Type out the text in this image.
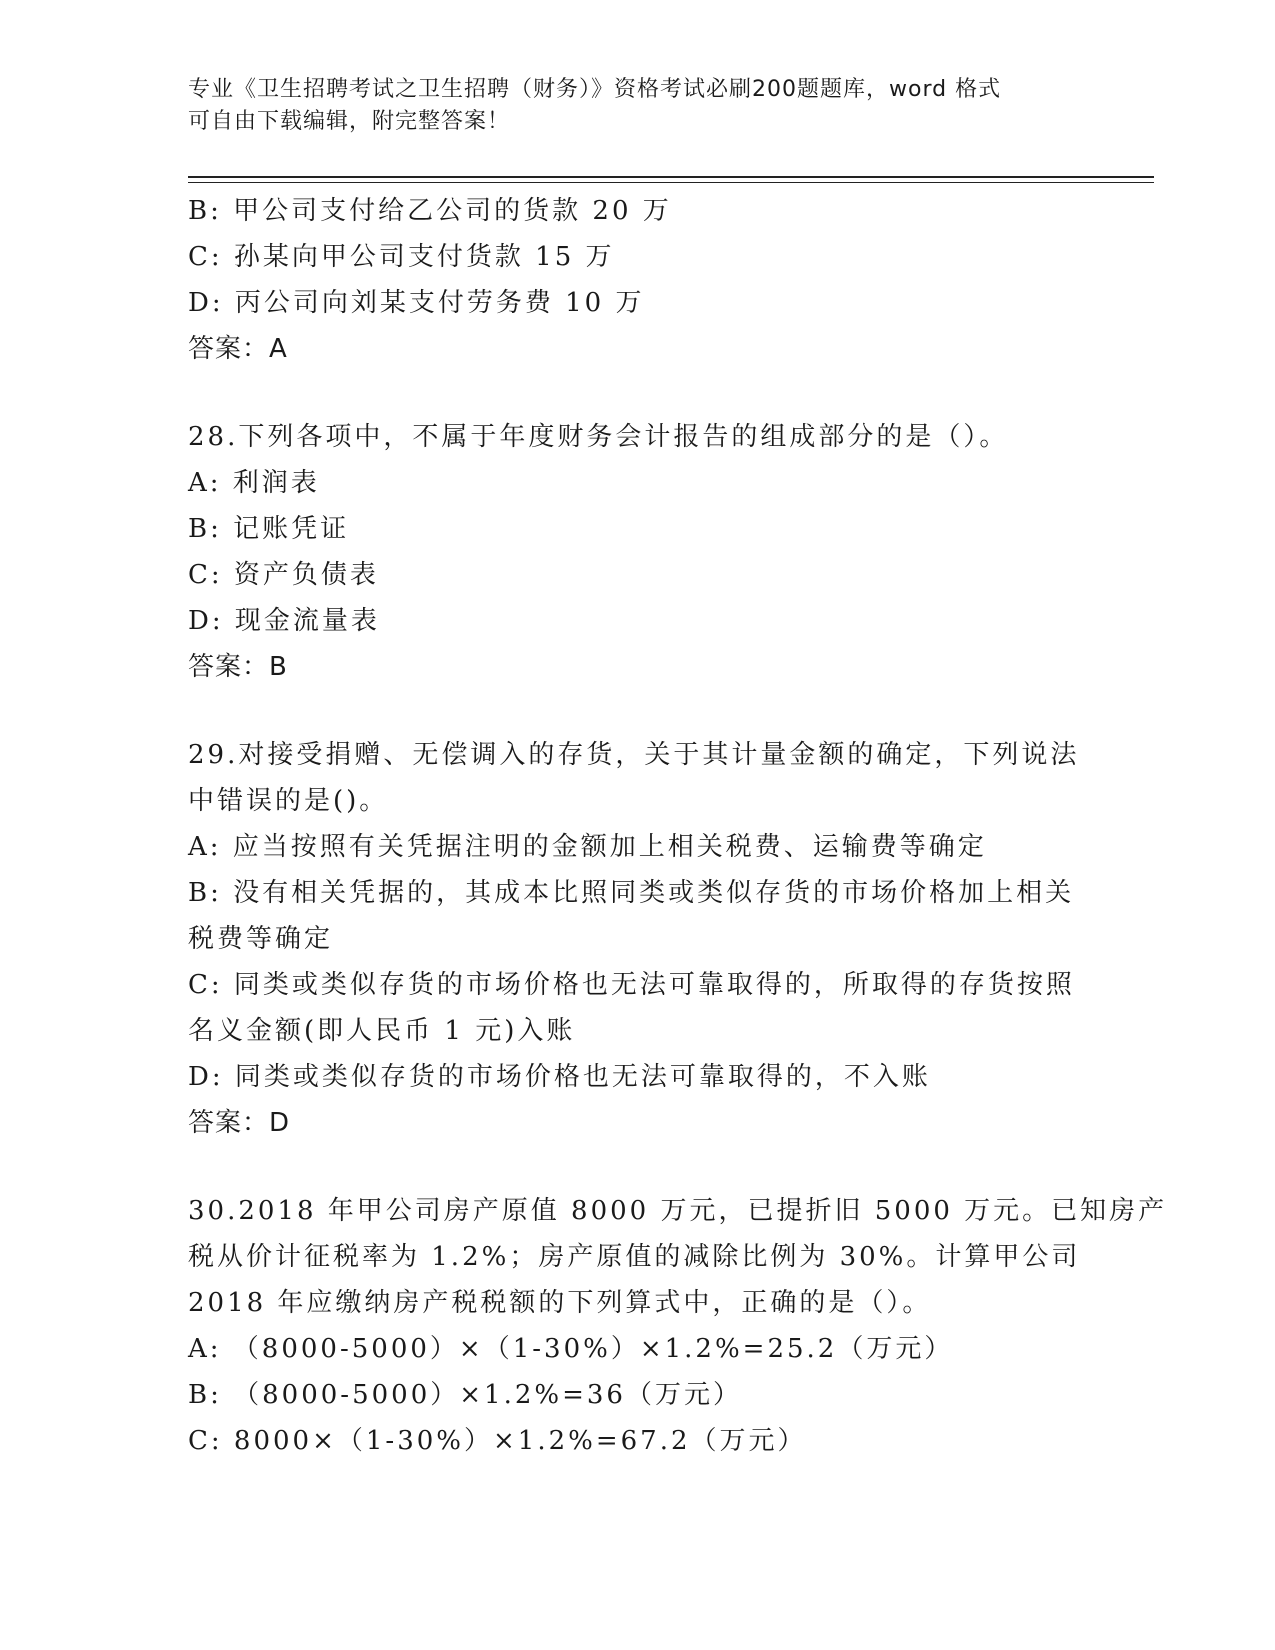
专业《卫生招聘考试之卫生招聘（财务）》资格考试必刷200题题库，word 格式
可自由下载编辑，附完整答案！
B: 甲公司支付给乙公司的货款 20 万
C: 孙某向甲公司支付货款 15 万
D: 丙公司向刘某支付劳务费 10 万
答案：A
28.下列各项中，不属于年度财务会计报告的组成部分的是（）。
A: 利润表
B: 记账凭证
C: 资产负债表
D: 现金流量表
答案：B
29.对接受捐赠、无偿调入的存货，关于其计量金额的确定，下列说法
中错误的是()。
A: 应当按照有关凭据注明的金额加上相关税费、运输费等确定
B: 没有相关凭据的，其成本比照同类或类似存货的市场价格加上相关
税费等确定
C: 同类或类似存货的市场价格也无法可靠取得的，所取得的存货按照
名义金额(即人民币 1 元)入账
D: 同类或类似存货的市场价格也无法可靠取得的，不入账
答案：D
30.2018 年甲公司房产原值 8000 万元，已提折旧 5000 万元。已知房产
税从价计征税率为 1.2%；房产原值的减除比例为 30%。计算甲公司
2018 年应缴纳房产税税额的下列算式中，正确的是（）。
A: （8000-5000）×（1-30%）×1.2%=25.2（万元）
B: （8000-5000）×1.2%=36（万元）
C: 8000×（1-30%）×1.2%=67.2（万元）
